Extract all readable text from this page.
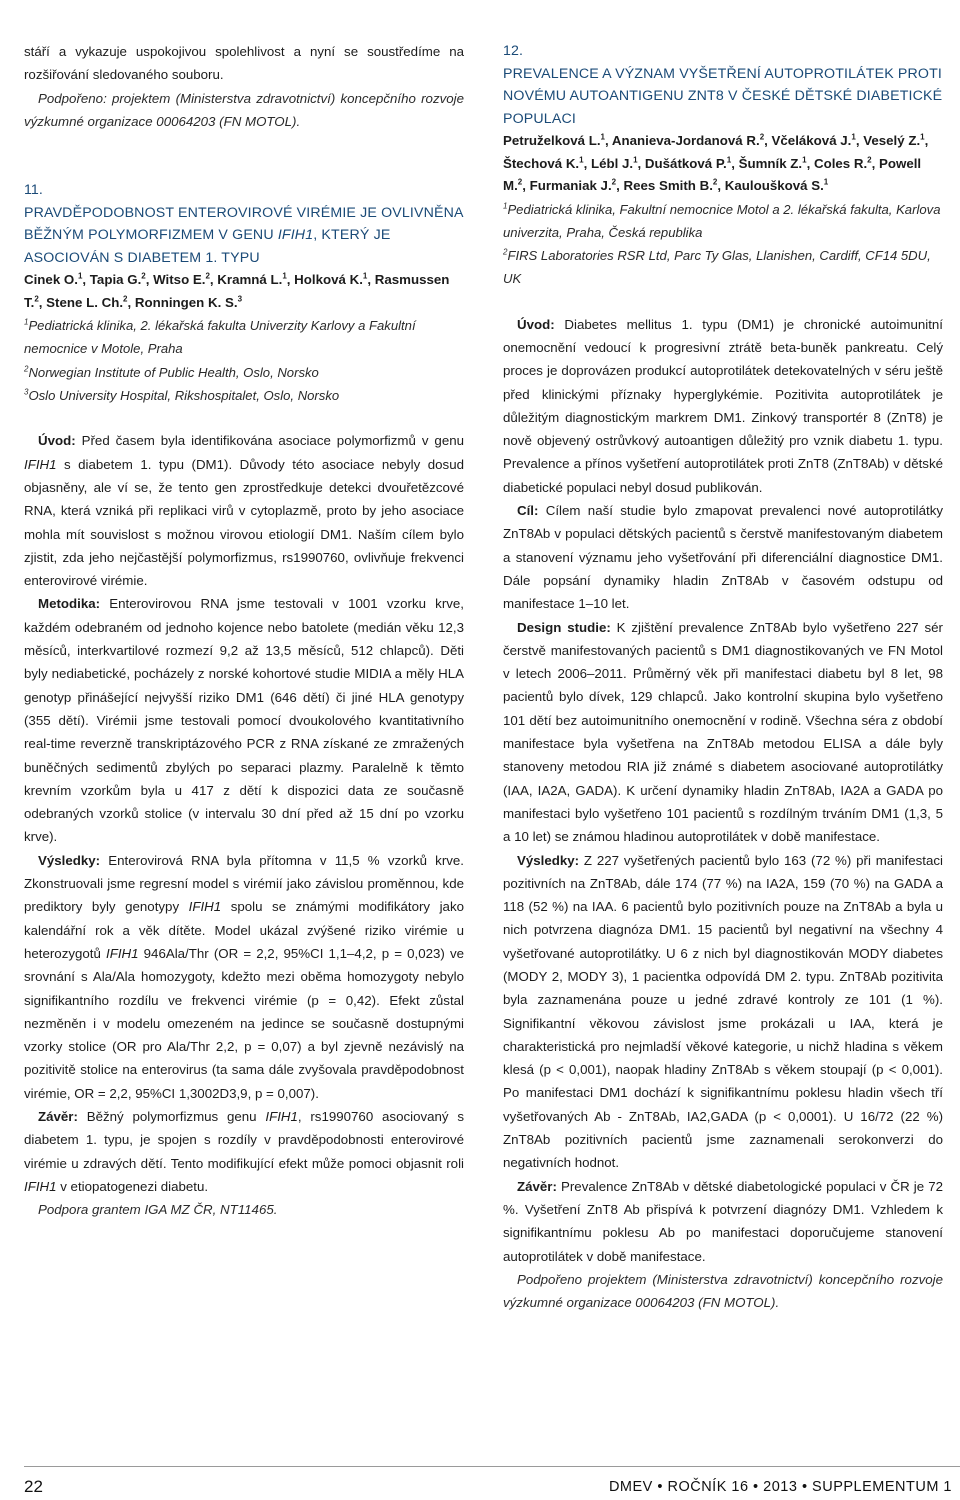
stáří a vykazuje uspokojivou spolehlivost a nyní se soustředíme na rozšiřování sledovaného souboru.

Podpořeno: projektem (Ministerstva zdravotnictví) koncepčního rozvoje výzkumné organizace 00064203 (FN MOTOL).

11.
PRAVDĚPODOBNOST ENTEROVIROVÉ VIRÉMIE JE OVLIVNĚNA BĚŽNÝM POLYMORFIZMEM V GENU IFIH1, KTERÝ JE ASOCIOVÁN S DIABETEM 1. TYPU
Cinek O.$^1$, Tapia G.$^2$, Witso E.$^2$, Kramná L.$^1$, Holková K.$^1$, Rasmussen T.$^2$, Stene L. Ch.$^2$, Ronningen K. S.$^3$

$^1$Pediatrická klinika, 2. lékařská fakulta Univerzity Karlovy a Fakultní nemocnice v Motole, Praha

$^2$Norwegian Institute of Public Health, Oslo, Norsko

$^3$Oslo University Hospital, Rikshospitalet, Oslo, Norsko

Úvod: Před časem byla identifikována asociace polymorfizmů v genu IFIH1 s diabetem 1. typu (DM1). Důvody této asociace nebyly dosud objasněny, ale ví se, že tento gen zprostředkuje detekci dvouřetězcové RNA, která vzniká při replikaci virů v cytoplazmě, proto by jeho asociace mohla mít souvislost s možnou virovou etiologií DM1. Naším cílem bylo zjistit, zda jeho nejčastější polymorfizmus, rs1990760, ovlivňuje frekvenci enterovirové virémie.

Metodika: Enterovirovou RNA jsme testovali v 1001 vzorku krve, každém odebraném od jednoho kojence nebo batolete (medián věku 12,3 měsíců, interkvartilové rozmezí 9,2 až 13,5 měsíců, 512 chlapců). Děti byly nediabetické, pocházely z norské kohortové studie MIDIA a měly HLA genotyp přinášející nejvyšší riziko DM1 (646 dětí) či jiné HLA genotypy (355 dětí). Virémii jsme testovali pomocí dvoukolového kvantitativního real-time reverzně transkriptázového PCR z RNA získané ze zmražených buněčných sedimentů zbylých po separaci plazmy. Paralelně k těmto krevním vzorkům byla u 417 z dětí k dispozici data ze současně odebraných vzorků stolice (v intervalu 30 dní před až 15 dní po vzorku krve).

Výsledky: Enterovirová RNA byla přítomna v 11,5 % vzorků krve. Zkonstruovali jsme regresní model s virémií jako závislou proměnnou, kde prediktory byly genotypy IFIH1 spolu se známými modifikátory jako kalendářní rok a věk dítěte. Model ukázal zvýšené riziko virémie u heterozygotů IFIH1 946Ala/Thr (OR = 2,2, 95%CI 1,1–4,2, p = 0,023) ve srovnání s Ala/Ala homozygoty, kdežto mezi oběma homozygoty nebylo signifikantního rozdílu ve frekvenci virémie (p = 0,42). Efekt zůstal nezměněn i v modelu omezeném na jedince se současně dostupnými vzorky stolice (OR pro Ala/Thr 2,2, p = 0,07) a byl zjevně nezávislý na pozitivitě stolice na enterovirus (ta sama dále zvyšovala pravděpodobnost virémie, OR = 2,2, 95%CI 1,3002D3,9, p = 0,007).

Závěr: Běžný polymorfizmus genu IFIH1, rs1990760 asociovaný s diabetem 1. typu, je spojen s rozdíly v pravděpodobnosti enterovirové virémie u zdravých dětí. Tento modifikující efekt může pomoci objasnit roli IFIH1 v etiopatogenezi diabetu.

Podpora grantem IGA MZ ČR, NT11465.

12.
PREVALENCE A VÝZNAM VYŠETŘENÍ AUTOPROTILÁTEK PROTI NOVÉMU AUTOANTIGENU ZNT8 V ČESKÉ DĚTSKÉ DIABETICKÉ POPULACI
Petruželková L.$^1$, Ananieva-Jordanová R.$^2$, Včeláková J.$^1$, Veselý Z.$^1$, Štechová K.$^1$, Lébl J.$^1$, Dušátková P.$^1$, Šumník Z.$^1$, Coles R.$^2$, Powell M.$^2$, Furmaniak J.$^2$, Rees Smith B.$^2$, Kauloušková S.$^1$

$^1$Pediatrická klinika, Fakultní nemocnice Motol a 2. lékařská fakulta, Karlova univerzita, Praha, Česká republika

$^2$FIRS Laboratories RSR Ltd, Parc Ty Glas, Llanishen, Cardiff, CF14 5DU, UK

Úvod: Diabetes mellitus 1. typu (DM1) je chronické autoimunitní onemocnění vedoucí k progresivní ztrátě beta-buněk pankreatu. Celý proces je doprovázen produkcí autoprotilátek detekovatelných v séru ještě před klinickými příznaky hyperglykémie. Pozitivita autoprotilátek je důležitým diagnostickým markrem DM1. Zinkový transportér 8 (ZnT8) je nově objevený ostrůvkový autoantigen důležitý pro vznik diabetu 1. typu. Prevalence a přínos vyšetření autoprotilátek proti ZnT8 (ZnT8Ab) v dětské diabetické populaci nebyl dosud publikován.

Cíl: Cílem naší studie bylo zmapovat prevalenci nové autoprotilátky ZnT8Ab v populaci dětských pacientů s čerstvě manifestovaným diabetem a stanovení významu jeho vyšetřování při diferenciální diagnostice DM1. Dále popsání dynamiky hladin ZnT8Ab v časovém odstupu od manifestace 1–10 let.

Design studie: K zjištění prevalence ZnT8Ab bylo vyšetřeno 227 sér čerstvě manifestovaných pacientů s DM1 diagnostikovaných ve FN Motol v letech 2006–2011. Průměrný věk při manifestaci diabetu byl 8 let, 98 pacientů bylo dívek, 129 chlapců. Jako kontrolní skupina bylo vyšetřeno 101 dětí bez autoimunitního onemocnění v rodině. Všechna séra z období manifestace byla vyšetřena na ZnT8Ab metodou ELISA a dále byly stanoveny metodou RIA již známé s diabetem asociované autoprotilátky (IAA, IA2A, GADA). K určení dynamiky hladin ZnT8Ab, IA2A a GADA po manifestaci bylo vyšetřeno 101 pacientů s rozdílným trváním DM1 (1,3, 5 a 10 let) se známou hladinou autoprotilátek v době manifestace.

Výsledky: Z 227 vyšetřených pacientů bylo 163 (72 %) při manifestaci pozitivních na ZnT8Ab, dále 174 (77 %) na IA2A, 159 (70 %) na GADA a 118 (52 %) na IAA. 6 pacientů bylo pozitivních pouze na ZnT8Ab a byla u nich potvrzena diagnóza DM1. 15 pacientů byl negativní na všechny 4 vyšetřované autoprotilátky. U 6 z nich byl diagnostikován MODY diabetes (MODY 2, MODY 3), 1 pacientka odpovídá DM 2. typu. ZnT8Ab pozitivita byla zaznamenána pouze u jedné zdravé kontroly ze 101 (1 %). Signifikantní věkovou závislost jsme prokázali u IAA, která je charakteristická pro nejmladší věkové kategorie, u nichž hladina s věkem klesá (p < 0,001), naopak hladiny ZnT8Ab s věkem stoupají (p < 0,001). Po manifestaci DM1 dochází k signifikantnímu poklesu hladin všech tří vyšetřovaných Ab - ZnT8Ab, IA2,GADA (p < 0,0001). U 16/72 (22 %) ZnT8Ab pozitivních pacientů jsme zaznamenali serokonverzi do negativních hodnot.

Závěr: Prevalence ZnT8Ab v dětské diabetologické populaci v ČR je 72 %. Vyšetření ZnT8 Ab přispívá k potvrzení diagnózy DM1. Vzhledem k signifikantnímu poklesu Ab po manifestaci doporučujeme stanovení autoprotilátek v době manifestace.

Podpořeno projektem (Ministerstva zdravotnictví) koncepčního rozvoje výzkumné organizace 00064203 (FN MOTOL).

22	DMEV • ROČNÍK 16 • 2013 • SUPPLEMENTUM 1
